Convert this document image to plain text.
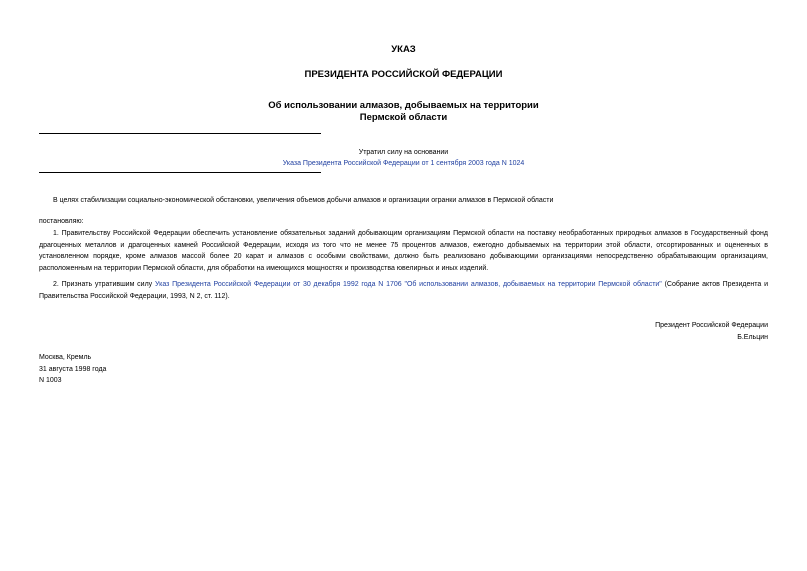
УКАЗ
ПРЕЗИДЕНТА РОССИЙСКОЙ ФЕДЕРАЦИИ
Об использовании алмазов, добываемых на территории
Пермской области
Утратил силу на основании
Указа Президента Российской Федерации от 1 сентября 2003 года N 1024
В целях стабилизации социально-экономической обстановки, увеличения объемов добычи алмазов и организации огранки алмазов в Пермской области
постановляю:
1. Правительству Российской Федерации обеспечить установление обязательных заданий добывающим организациям Пермской области на поставку необработанных природных алмазов в Государственный фонд драгоценных металлов и драгоценных камней Российской Федерации, исходя из того что не менее 75 процентов алмазов, ежегодно добываемых на территории этой области, отсортированных и оцененных в установленном порядке, кроме алмазов массой более 20 карат и алмазов с особыми свойствами, должно быть реализовано добывающими организациями непосредственно обрабатывающим организациям, расположенным на территории Пермской области, для обработки на имеющихся мощностях и производства ювелирных и иных изделий.
2. Признать утратившим силу Указ Президента Российской Федерации от 30 декабря 1992 года N 1706 "Об использовании алмазов, добываемых на территории Пермской области" (Собрание актов Президента и Правительства Российской Федерации, 1993, N 2, ст. 112).
Президент Российской Федерации
Б.Ельцин
Москва, Кремль
31 августа 1998 года
N 1003
